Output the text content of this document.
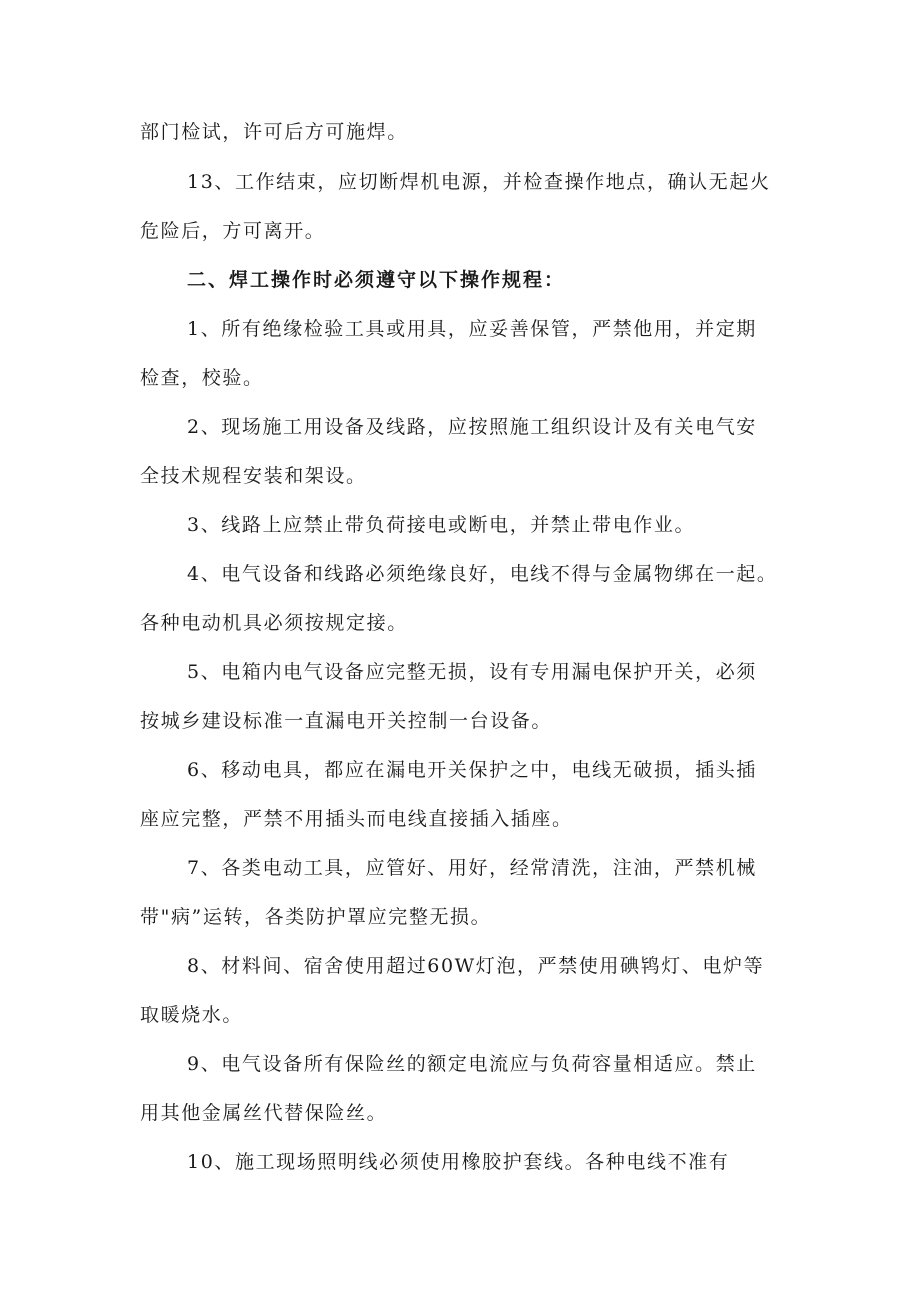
部门检试，许可后方可施焊。
13、工作结束，应切断焊机电源，并检查操作地点，确认无起火
危险后，方可离开。
二、焊工操作时必须遵守以下操作规程：
1、所有绝缘检验工具或用具，应妥善保管，严禁他用，并定期
检查，校验。
2、现场施工用设备及线路，应按照施工组织设计及有关电气安
全技术规程安装和架设。
3、线路上应禁止带负荷接电或断电，并禁止带电作业。
4、电气设备和线路必须绝缘良好，电线不得与金属物绑在一起。
各种电动机具必须按规定接。
5、电箱内电气设备应完整无损，设有专用漏电保护开关，必须
按城乡建设标准一直漏电开关控制一台设备。
6、移动电具，都应在漏电开关保护之中，电线无破损，插头插
座应完整，严禁不用插头而电线直接插入插座。
7、各类电动工具，应管好、用好，经常清洗，注油，严禁机械
带"病”运转，各类防护罩应完整无损。
8、材料间、宿舍使用超过60W灯泡，严禁使用碘鸨灯、电炉等
取暖烧水。
9、电气设备所有保险丝的额定电流应与负荷容量相适应。禁止
用其他金属丝代替保险丝。
10、施工现场照明线必须使用橡胶护套线。各种电线不准有
